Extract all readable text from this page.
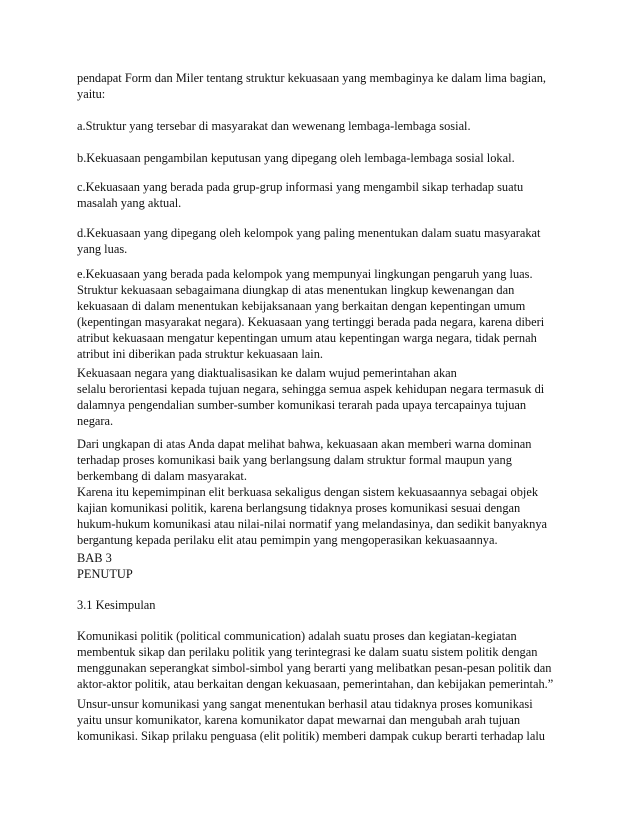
pendapat Form dan Miler tentang struktur kekuasaan yang membaginya ke dalam lima bagian,
yaitu:
a.Struktur yang tersebar di masyarakat dan wewenang lembaga-lembaga sosial.
b.Kekuasaan pengambilan keputusan yang dipegang oleh lembaga-lembaga sosial lokal.
c.Kekuasaan yang berada pada grup-grup informasi yang mengambil sikap terhadap suatu
masalah yang aktual.
d.Kekuasaan yang dipegang oleh kelompok yang paling menentukan dalam suatu masyarakat
yang luas.
e.Kekuasaan yang berada pada kelompok yang mempunyai lingkungan pengaruh yang luas.
Struktur kekuasaan sebagaimana diungkap di atas menentukan lingkup kewenangan dan
kekuasaan di dalam menentukan kebijaksanaan yang berkaitan dengan kepentingan umum
(kepentingan masyarakat negara). Kekuasaan yang tertinggi berada pada negara, karena diberi
atribut kekuasaan mengatur kepentingan umum atau kepentingan warga negara, tidak pernah
atribut ini diberikan pada struktur kekuasaan lain.
Kekuasaan negara yang diaktualisasikan ke dalam wujud pemerintahan akan
selalu berorientasi kepada tujuan negara, sehingga semua aspek kehidupan negara termasuk di
dalamnya pengendalian sumber-sumber komunikasi terarah pada upaya tercapainya tujuan
negara.
Dari ungkapan di atas Anda dapat melihat bahwa, kekuasaan akan memberi warna dominan
terhadap proses komunikasi baik yang berlangsung dalam struktur formal maupun yang
berkembang di dalam masyarakat.
Karena itu kepemimpinan elit berkuasa sekaligus dengan sistem kekuasaannya sebagai objek
kajian komunikasi politik, karena berlangsung tidaknya proses komunikasi sesuai dengan
hukum-hukum komunikasi atau nilai-nilai normatif yang melandasinya, dan sedikit banyaknya
bergantung kepada perilaku elit atau pemimpin yang mengoperasikan kekuasaannya.
BAB 3
PENUTUP
3.1 Kesimpulan
Komunikasi politik (political communication) adalah suatu proses dan kegiatan-kegiatan
membentuk sikap dan perilaku politik yang terintegrasi ke dalam suatu sistem politik dengan
menggunakan seperangkat simbol-simbol yang berarti yang melibatkan pesan-pesan politik dan
aktor-aktor politik, atau berkaitan dengan kekuasaan, pemerintahan, dan kebijakan pemerintah.”
Unsur-unsur komunikasi yang sangat menentukan berhasil atau tidaknya proses komunikasi
yaitu unsur komunikator, karena komunikator dapat mewarnai dan mengubah arah tujuan
komunikasi. Sikap prilaku penguasa (elit politik) memberi dampak cukup berarti terhadap lalu
